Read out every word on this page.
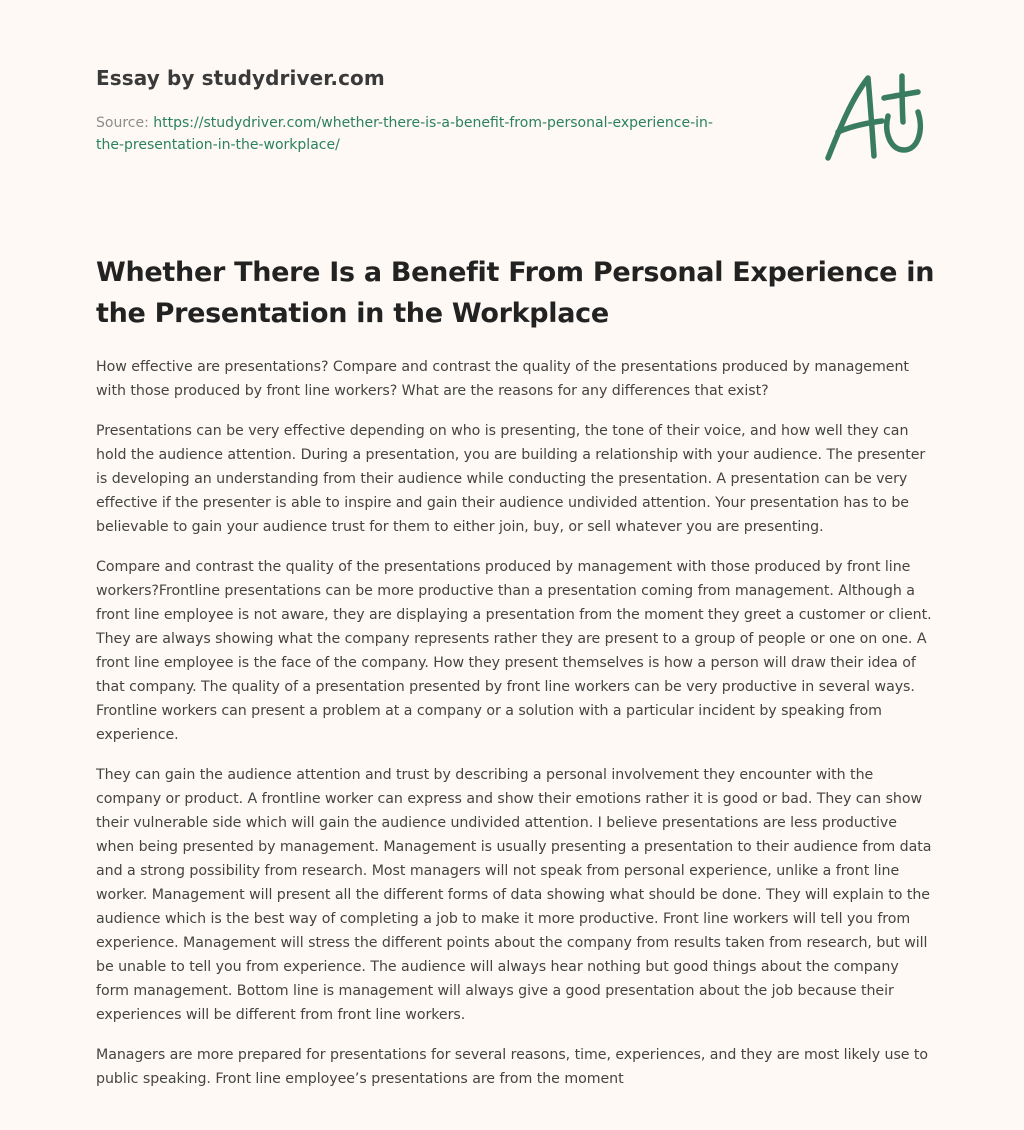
Essay by studydriver.com
Source: https://studydriver.com/whether-there-is-a-benefit-from-personal-experience-in-
the-presentation-in-the-workplace/
Whether There Is a Benefit From Personal Experience in the Presentation in the Workplace

How effective are presentations? Compare and contrast the quality of the presentations produced by management with those produced by front line workers? What are the reasons for any differences that exist?

Presentations can be very effective depending on who is presenting, the tone of their voice, and how well they can hold the audience attention. During a presentation, you are building a relationship with your audience. The presenter is developing an understanding from their audience while conducting the presentation. A presentation can be very effective if the presenter is able to inspire and gain their audience undivided attention. Your presentation has to be believable to gain your audience trust for them to either join, buy, or sell whatever you are presenting.

Compare and contrast the quality of the presentations produced by management with those produced by front line workers?Frontline presentations can be more productive than a presentation coming from management. Although a front line employee is not aware, they are displaying a presentation from the moment they greet a customer or client. They are always showing what the company represents rather they are present to a group of people or one on one. A front line employee is the face of the company. How they present themselves is how a person will draw their idea of that company. The quality of a presentation presented by front line workers can be very productive in several ways. Frontline workers can present a problem at a company or a solution with a particular incident by speaking from experience.

They can gain the audience attention and trust by describing a personal involvement they encounter with the company or product. A frontline worker can express and show their emotions rather it is good or bad. They can show their vulnerable side which will gain the audience undivided attention. I believe presentations are less productive when being presented by management. Management is usually presenting a presentation to their audience from data and a strong possibility from research. Most managers will not speak from personal experience, unlike a front line worker. Management will present all the different forms of data showing what should be done. They will explain to the audience which is the best way of completing a job to make it more productive. Front line workers will tell you from experience. Management will stress the different points about the company from results taken from research, but will be unable to tell you from experience. The audience will always hear nothing but good things about the company form management. Bottom line is management will always give a good presentation about the job because their experiences will be different from front line workers.

Managers are more prepared for presentations for several reasons, time, experiences, and they are most likely use to public speaking. Front line employee’s presentations are from the moment
